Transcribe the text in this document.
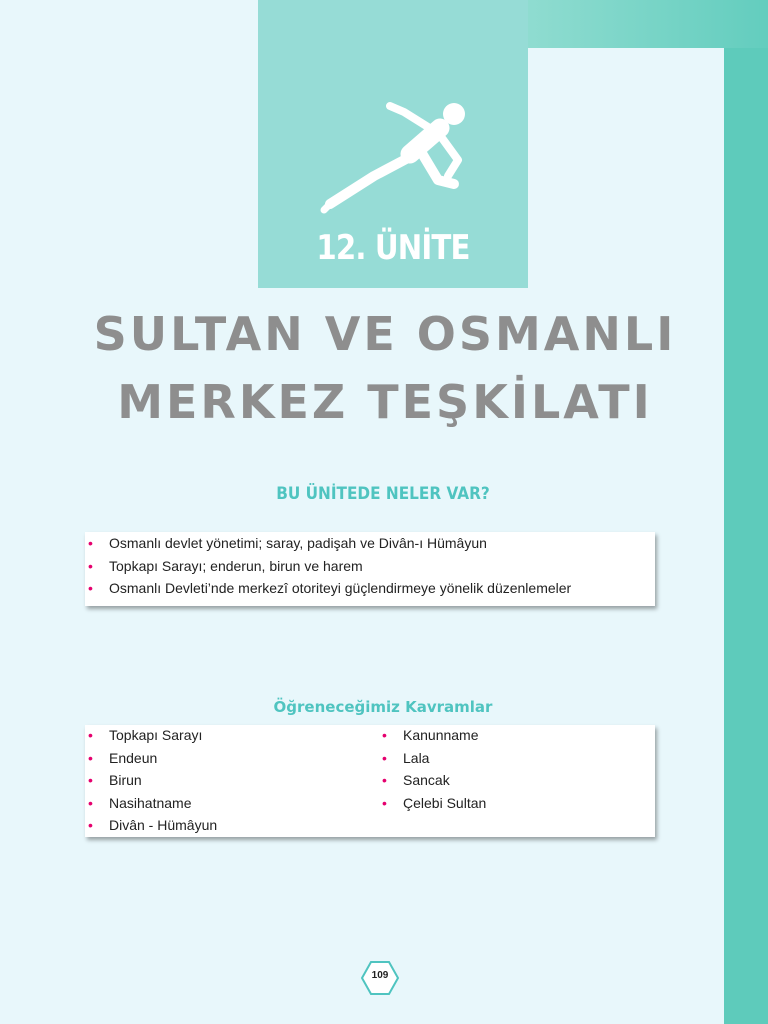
12. ÜNİTE
SULTAN VE OSMANLI
MERKEZ TEŞKİLATI
BU ÜNİTEDE NELER VAR?
• Osmanlı devlet yönetimi; saray, padişah ve Divân-ı Hümâyun
• Topkapı Sarayı; enderun, birun ve harem
• Osmanlı Devleti’nde merkezî otoriteyi güçlendirmeye yönelik düzenlemeler
Öğreneceğimiz Kavramlar
• Topkapı Sarayı
• Endeun
• Birun
• Nasihatname
• Divân - Hümâyun
• Kanunname
• Lala
• Sancak
• Çelebi Sultan
109
